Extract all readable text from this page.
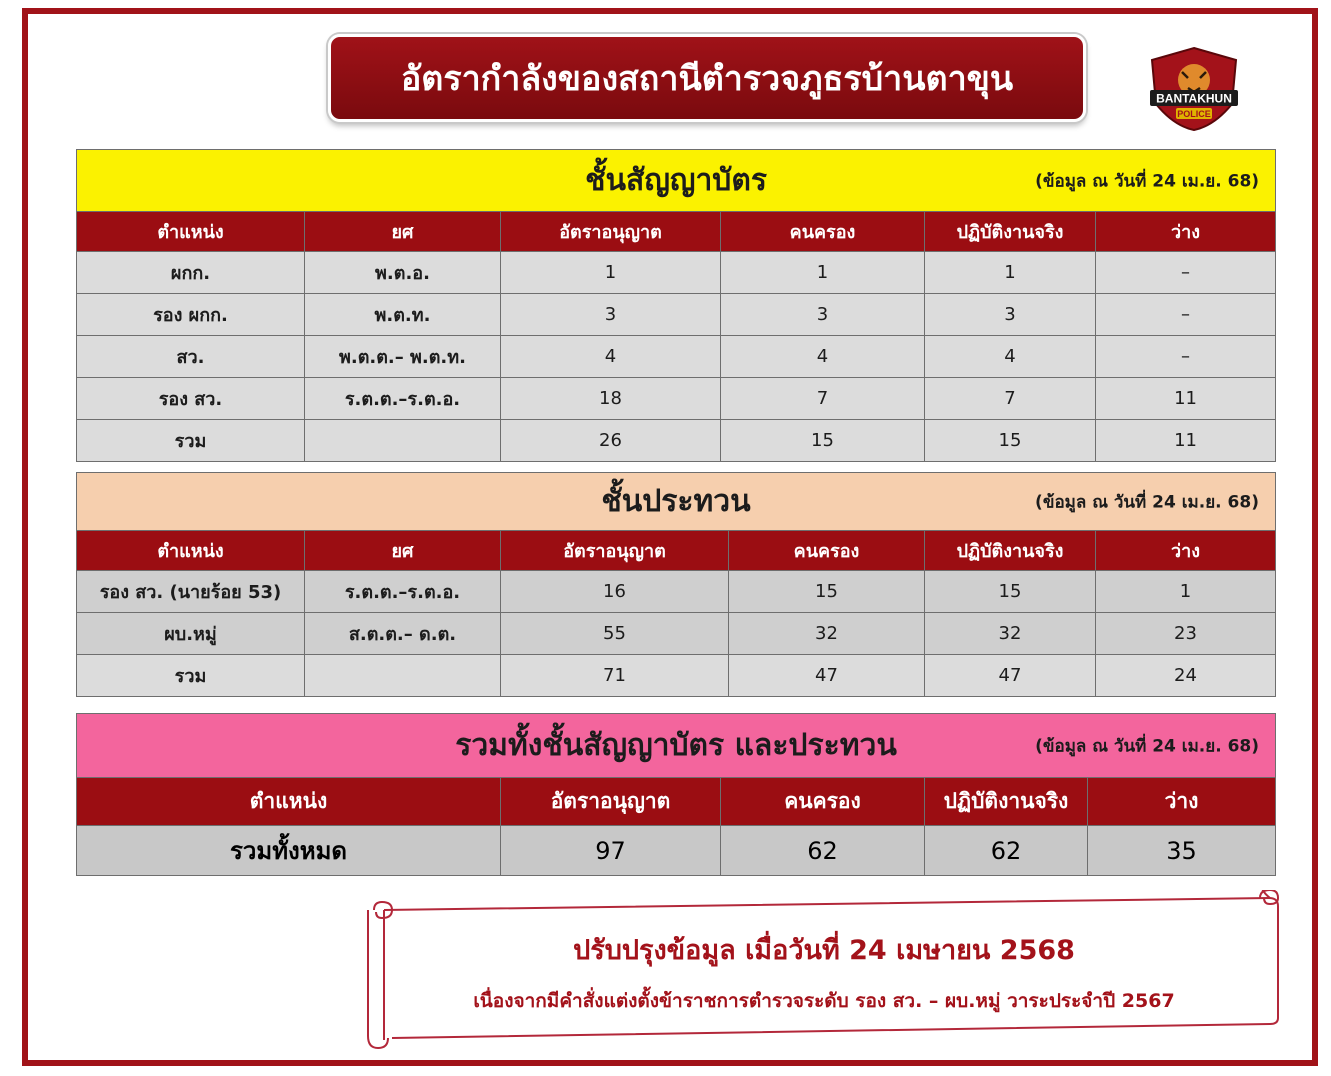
อัตรากำลังของสถานีตำรวจภูธรบ้านตาขุน	BANTAKHUN
POLICE
ชั้นสัญญาบัตร (ข้อมูล ณ วันที่ 24 เม.ย. 68)					

ตำแหน่ง	ยศ	อัตราอนุญาต	คนครอง	ปฏิบัติงานจริง	ว่าง
ผกก.	พ.ต.อ.	1	1	1	–
รอง ผกก.	พ.ต.ท.	3	3	3	–
สว.	พ.ต.ต.– พ.ต.ท.	4	4	4	–
รอง สว.	ร.ต.ต.–ร.ต.อ.	18	7	7	11
รวม		26	15	15	11
ชั้นประทวน (ข้อมูล ณ วันที่ 24 เม.ย. 68)					

ตำแหน่ง	ยศ	อัตราอนุญาต	คนครอง	ปฏิบัติงานจริง	ว่าง
รอง สว. (นายร้อย 53)	ร.ต.ต.–ร.ต.อ.	16	15	15	1
ผบ.หมู่	ส.ต.ต.– ด.ต.	55	32	32	23
รวม		71	47	47	24
รวมทั้งชั้นสัญญาบัตร และประทวน (ข้อมูล ณ วันที่ 24 เม.ย. 68)				

ตำแหน่ง	อัตราอนุญาต	คนครอง	ปฏิบัติงานจริง	ว่าง
รวมทั้งหมด	97	62	62	35
ปรับปรุงข้อมูล เมื่อวันที่ 24 เมษายน 2568
เนื่องจากมีคำสั่งแต่งตั้งข้าราชการตำรวจระดับ รอง สว. – ผบ.หมู่ วาระประจำปี 2567
